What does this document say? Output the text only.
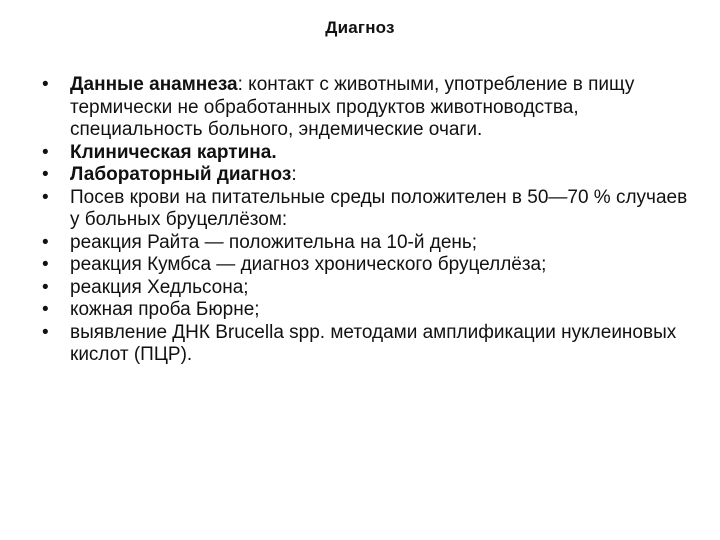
Диагноз
•	Данные анамнеза: контакт с животными, употребление в пищу термически не обработанных продуктов животноводства, специальность больного, эндемические очаги.
•	Клиническая картина.
•	Лабораторный диагноз:
•	Посев крови на питательные среды положителен в 50—70 % случаев у больных бруцеллёзом:
•	реакция Райта — положительна на 10-й день;
•	реакция Кумбса — диагноз хронического бруцеллёза;
•	реакция Хедльсона;
•	кожная проба Бюрне;
•	выявление ДНК Brucella spp. методами амплификации нуклеиновых кислот (ПЦР).
